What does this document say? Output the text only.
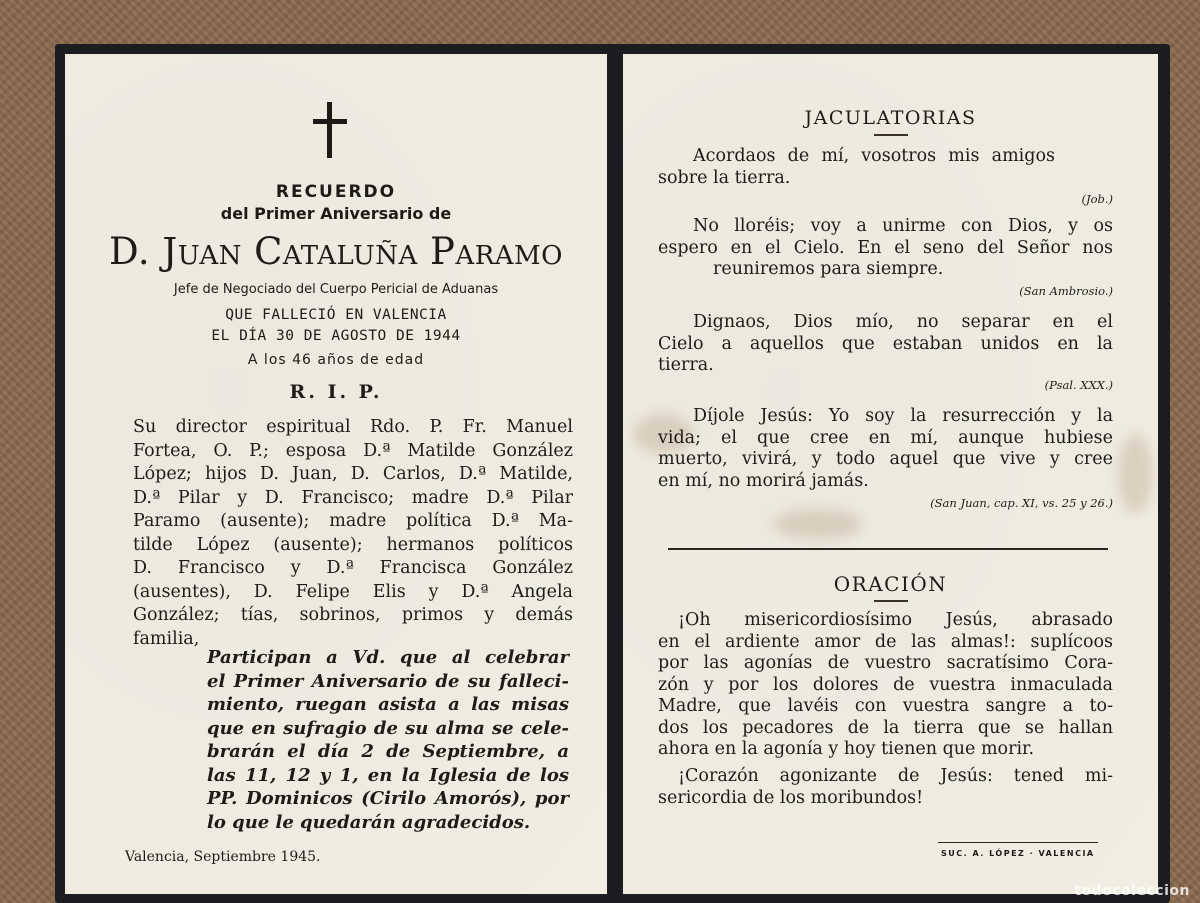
RECUERDO
del Primer Aniversario de
D. Juan Cataluña Paramo
Jefe de Negociado del Cuerpo Pericial de Aduanas
QUE FALLECIÓ EN VALENCIA
EL DÍA 30 DE AGOSTO DE 1944
A los 46 años de edad
R. I. P.
Su director espiritual Rdo. P. Fr. Manuel
Fortea, O. P.; esposa D.ª Matilde González
López; hijos D. Juan, D. Carlos, D.ª Matilde,
D.ª Pilar y D. Francisco; madre D.ª Pilar
Paramo (ausente); madre política D.ª Ma-
tilde López (ausente); hermanos políticos
D. Francisco y D.ª Francisca González
(ausentes), D. Felipe Elis y D.ª Angela
González; tías, sobrinos, primos y demás
familia,
Participan a Vd. que al celebrar
el Primer Aniversario de su falleci-
miento, ruegan asista a las misas
que en sufragio de su alma se cele-
brarán el día 2 de Septiembre, a
las 11, 12 y 1, en la Iglesia de los
PP. Dominicos (Cirilo Amorós), por
lo que le quedarán agradecidos.
Valencia, Septiembre 1945.
JACULATORIAS
Acordaos de mí, vosotros mis amigos
sobre la tierra.
(Job.)
No lloréis; voy a unirme con Dios, y os
espero en el Cielo. En el seno del Señor nos
reuniremos para siempre.
(San Ambrosio.)
Dignaos, Dios mío, no separar en el
Cielo a aquellos que estaban unidos en la
tierra.
(Psal. XXX.)
Díjole Jesús: Yo soy la resurrección y la
vida; el que cree en mí, aunque hubiese
muerto, vivirá, y todo aquel que vive y cree
en mí, no morirá jamás.
(San Juan, cap. XI, vs. 25 y 26.)
ORACIÓN
¡Oh misericordiosísimo Jesús, abrasado
en el ardiente amor de las almas!: suplícoos
por las agonías de vuestro sacratísimo Cora-
zón y por los dolores de vuestra inmaculada
Madre, que lavéis con vuestra sangre a to-
dos los pecadores de la tierra que se hallan
ahora en la agonía y hoy tienen que morir.
¡Corazón agonizante de Jesús: tened mi-
sericordia de los moribundos!
SUC. A. LÓPEZ · VALENCIA
todocoleccion
